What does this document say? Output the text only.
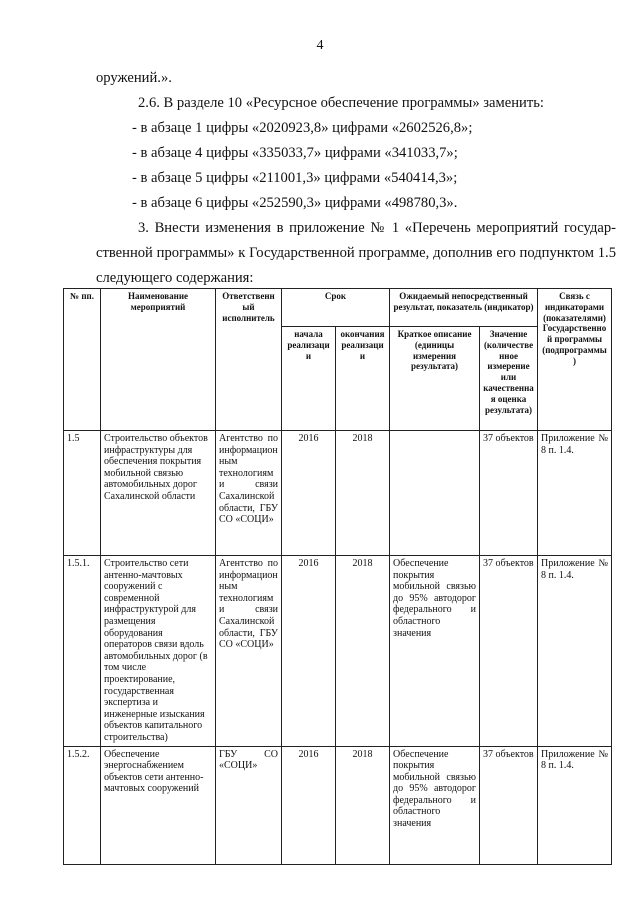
4

оружений.».

2.6. В разделе 10 «Ресурсное обеспечение программы» заменить:

- в абзаце 1 цифры «2020923,8» цифрами «2602526,8»;

- в абзаце 4 цифры «335033,7» цифрами «341033,7»;

- в абзаце 5 цифры «211001,3» цифрами «540414,3»;

- в абзаце 6 цифры «252590,3» цифрами «498780,3».

3. Внести изменения в приложение № 1 «Перечень мероприятий государ-

ственной программы» к Государственной программе, дополнив его подпунктом 1.5

следующего содержания:

№ пп.	Наименование мероприятий	Ответственный исполнитель	Срок		Ожидаемый непосредственный результат, показатель (индикатор)		Связь с индикаторами (показателями) Государственной программы (подпрограммы)
			начала реализации	окончания реализации	Краткое описание (единицы измерения результата)	Значение (количественное измерение или качественная оценка результата)	
1.5	Строительство объектов инфраструктуры для обеспечения покрытия мобильной связью автомобильных дорог Сахалинской области	Агентство по информационным технологиям и связи Сахалинской области, ГБУ СО «СОЦИ»	2016	2018		37 объектов	Приложение № 8 п. 1.4.
1.5.1.	Строительство сети антенно-мачтовых сооружений с современной инфраструктурой для размещения оборудования операторов связи вдоль автомобильных дорог (в том числе проектирование, государственная экспертиза и инженерные изыскания объектов капитального строительства)	Агентство по информационным технологиям и связи Сахалинской области, ГБУ СО «СОЦИ»	2016	2018	Обеспечение покрытия мобильной связью до 95% автодорог федерального и областного значения	37 объектов	Приложение № 8 п. 1.4.
1.5.2.	Обеспечение энергоснабжением объектов сети антенно-мачтовых сооружений	ГБУ СО «СОЦИ»	2016	2018	Обеспечение покрытия мобильной связью до 95% автодорог федерального и областного значения	37 объектов	Приложение № 8 п. 1.4.
